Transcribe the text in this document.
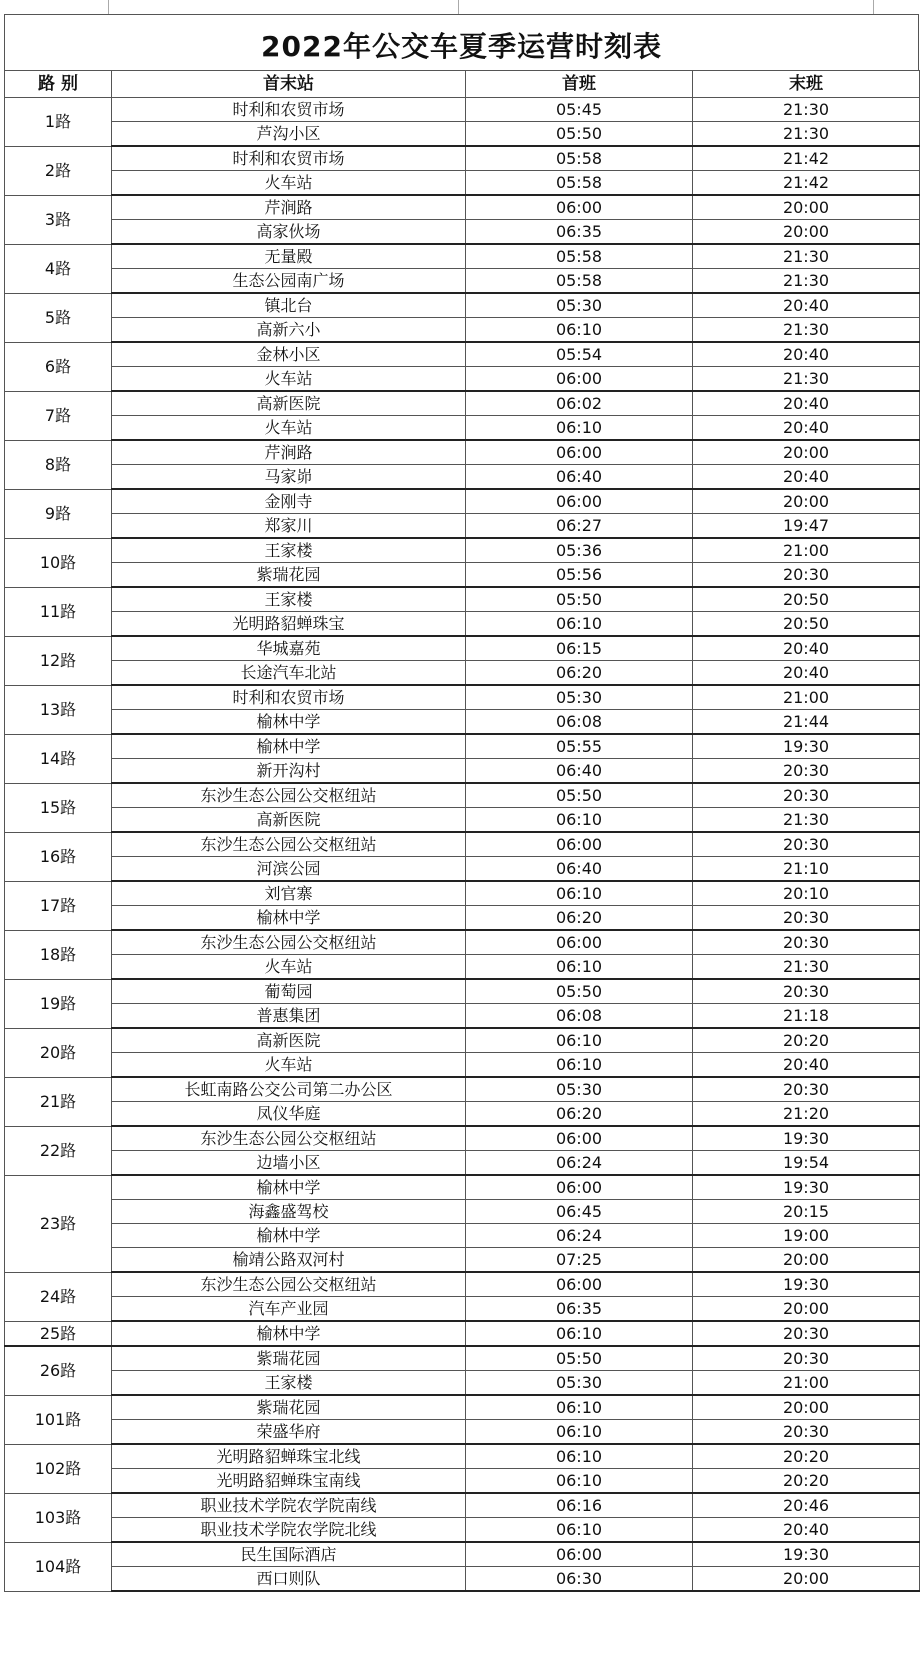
2022年公交车夏季运营时刻表
路 别	首末站	首班	末班
1路	时利和农贸市场	05:45	21:30
	芦沟小区	05:50	21:30
2路	时利和农贸市场	05:58	21:42
	火车站	05:58	21:42
3路	芹涧路	06:00	20:00
	高家伙场	06:35	20:00
4路	无量殿	05:58	21:30
	生态公园南广场	05:58	21:30
5路	镇北台	05:30	20:40
	高新六小	06:10	21:30
6路	金林小区	05:54	20:40
	火车站	06:00	21:30
7路	高新医院	06:02	20:40
	火车站	06:10	20:40
8路	芹涧路	06:00	20:00
	马家峁	06:40	20:40
9路	金刚寺	06:00	20:00
	郑家川	06:27	19:47
10路	王家楼	05:36	21:00
	紫瑞花园	05:56	20:30
11路	王家楼	05:50	20:50
	光明路貂蝉珠宝	06:10	20:50
12路	华城嘉苑	06:15	20:40
	长途汽车北站	06:20	20:40
13路	时利和农贸市场	05:30	21:00
	榆林中学	06:08	21:44
14路	榆林中学	05:55	19:30
	新开沟村	06:40	20:30
15路	东沙生态公园公交枢纽站	05:50	20:30
	高新医院	06:10	21:30
16路	东沙生态公园公交枢纽站	06:00	20:30
	河滨公园	06:40	21:10
17路	刘官寨	06:10	20:10
	榆林中学	06:20	20:30
18路	东沙生态公园公交枢纽站	06:00	20:30
	火车站	06:10	21:30
19路	葡萄园	05:50	20:30
	普惠集团	06:08	21:18
20路	高新医院	06:10	20:20
	火车站	06:10	20:40
21路	长虹南路公交公司第二办公区	05:30	20:30
	凤仪华庭	06:20	21:20
22路	东沙生态公园公交枢纽站	06:00	19:30
	边墙小区	06:24	19:54
23路	榆林中学	06:00	19:30
	海鑫盛驾校	06:45	20:15
	榆林中学	06:24	19:00
	榆靖公路双河村	07:25	20:00
24路	东沙生态公园公交枢纽站	06:00	19:30
	汽车产业园	06:35	20:00
25路	榆林中学	06:10	20:30
26路	紫瑞花园	05:50	20:30
	王家楼	05:30	21:00
101路	紫瑞花园	06:10	20:00
	荣盛华府	06:10	20:30
102路	光明路貂蝉珠宝北线	06:10	20:20
	光明路貂蝉珠宝南线	06:10	20:20
103路	职业技术学院农学院南线	06:16	20:46
	职业技术学院农学院北线	06:10	20:40
104路	民生国际酒店	06:00	19:30
	西口则队	06:30	20:00
